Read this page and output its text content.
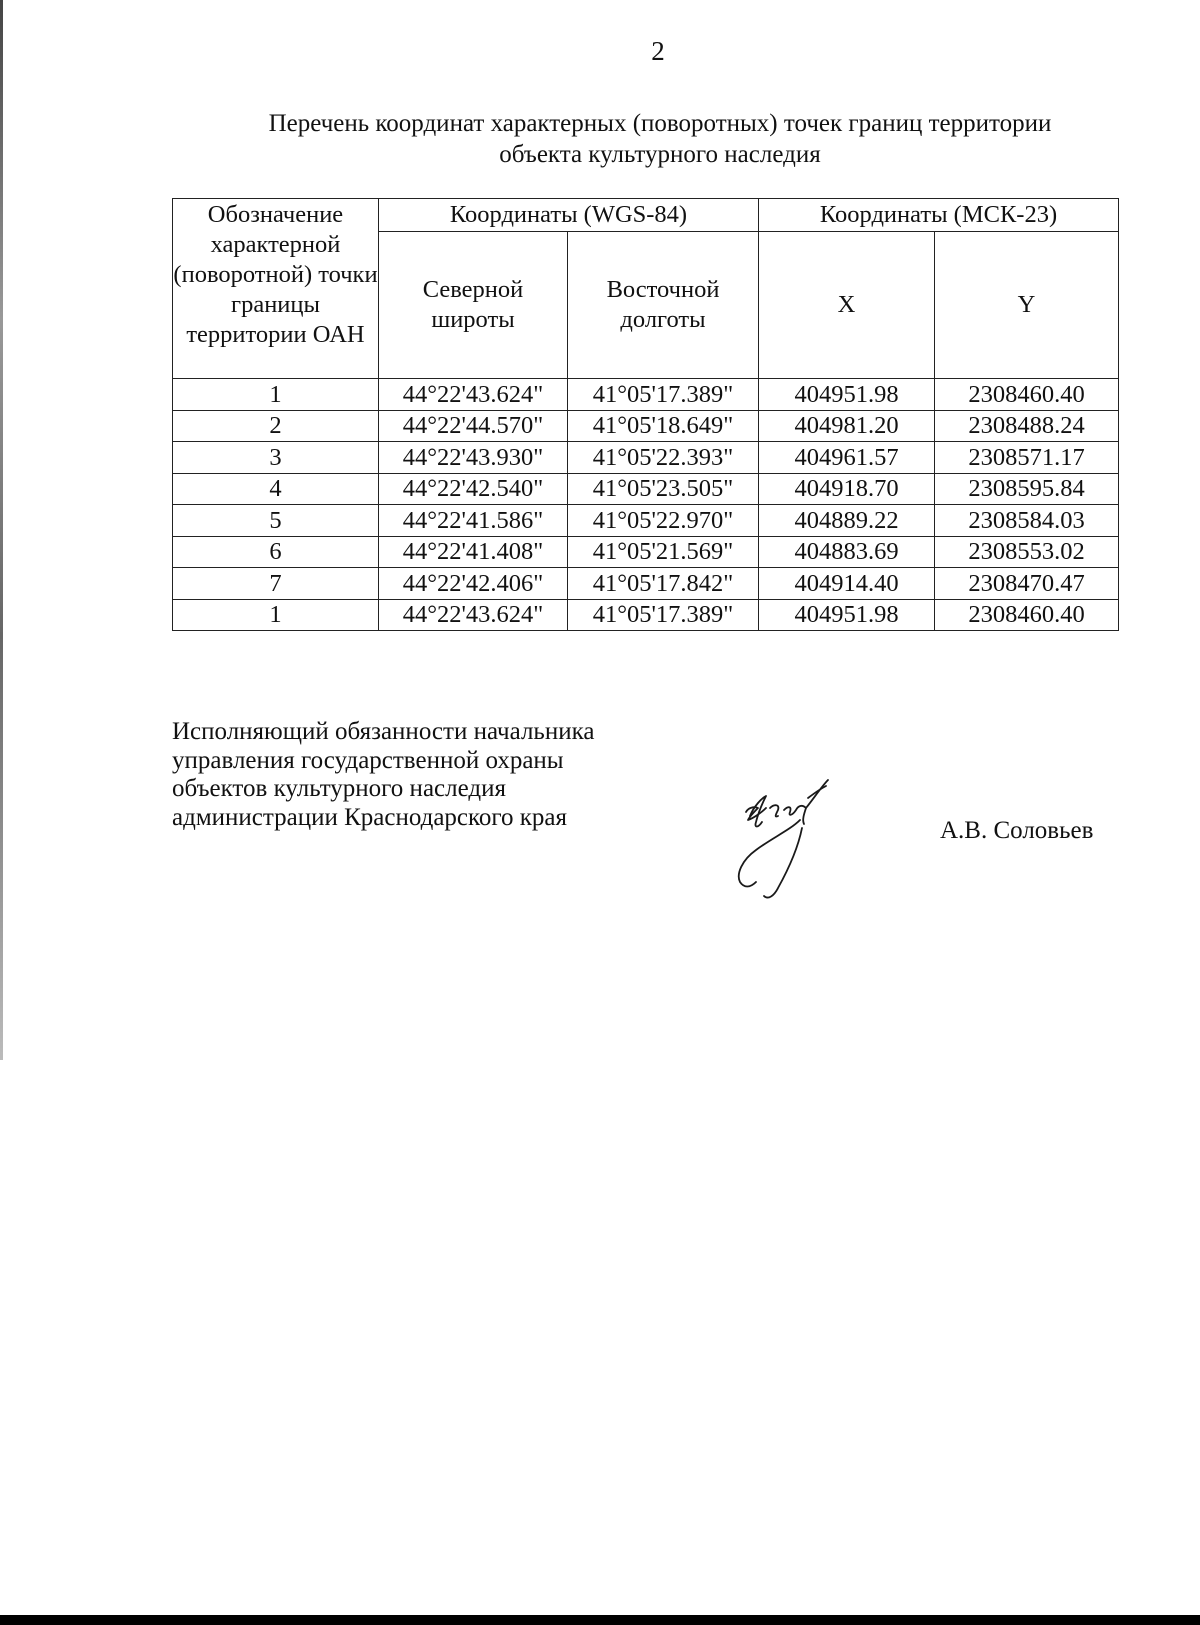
2
Перечень координат характерных (поворотных) точек границ территории
объекта культурного наследия
Обозначение характерной (поворотной) точки границы территории ОАН	Координаты (WGS-84)		Координаты (МСК-23)	
	Северной широты	Восточной долготы	X	Y
1	44°22'43.624"	41°05'17.389"	404951.98	2308460.40
2	44°22'44.570"	41°05'18.649"	404981.20	2308488.24
3	44°22'43.930"	41°05'22.393"	404961.57	2308571.17
4	44°22'42.540"	41°05'23.505"	404918.70	2308595.84
5	44°22'41.586"	41°05'22.970"	404889.22	2308584.03
6	44°22'41.408"	41°05'21.569"	404883.69	2308553.02
7	44°22'42.406"	41°05'17.842"	404914.40	2308470.47
1	44°22'43.624"	41°05'17.389"	404951.98	2308460.40
Исполняющий обязанности начальника
управления государственной охраны
объектов культурного наследия
администрации Краснодарского края	А.В. Соловьев
